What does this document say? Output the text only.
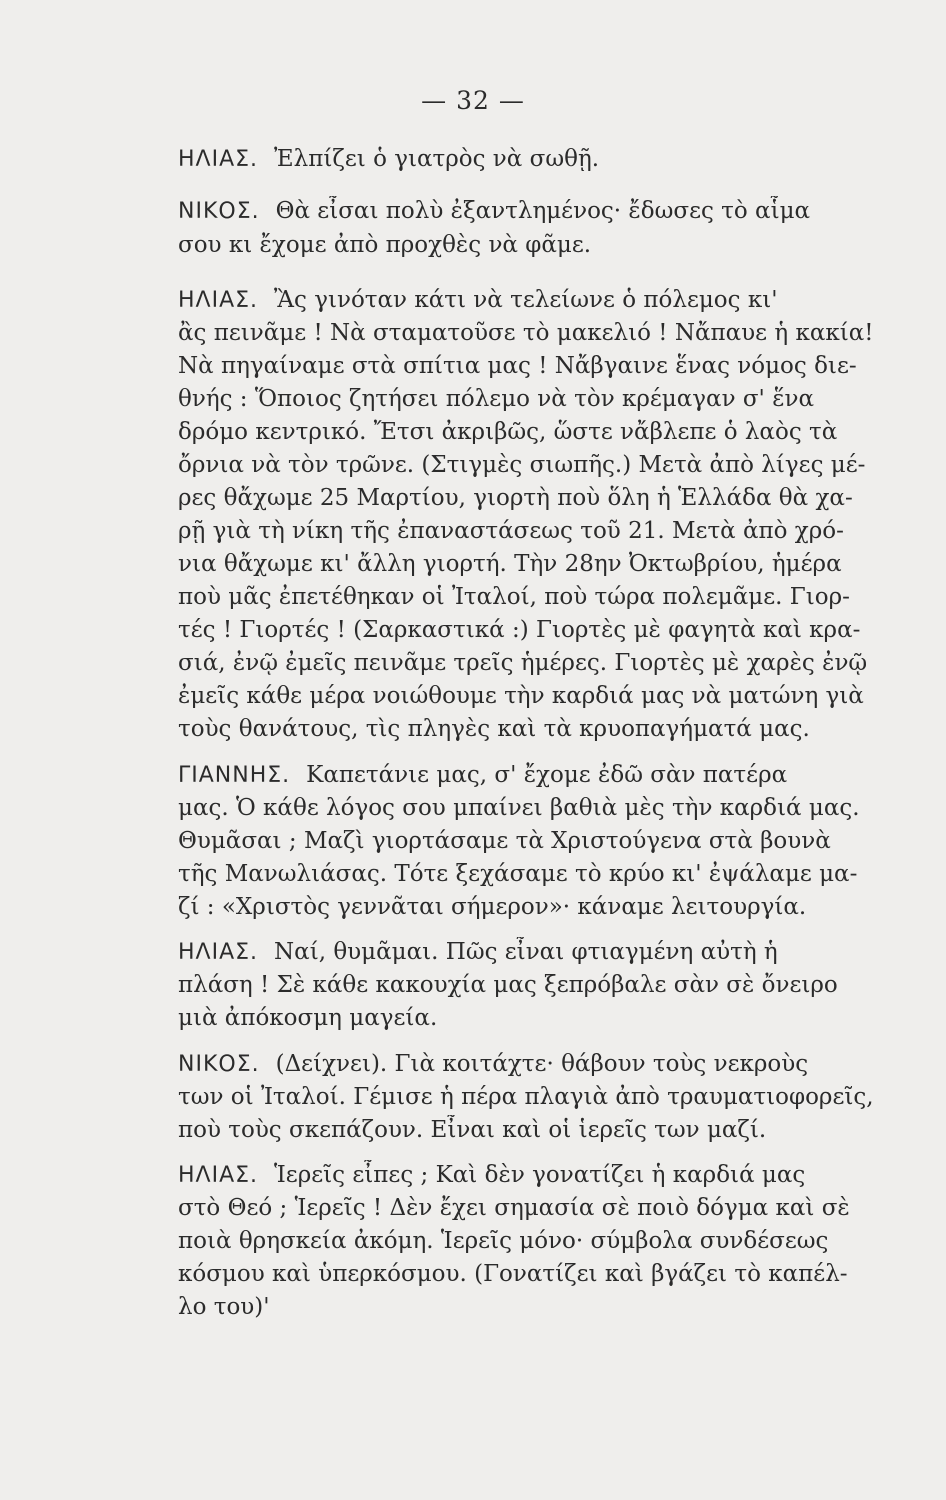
— 32 —
ΗΛΙΑΣ. Ἐλπίζει ὁ γιατρὸς νὰ σωθῇ.
ΝΙΚΟΣ. Θὰ εἶσαι πολὺ ἐξαντλημένος· ἔδωσες τὸ αἷμα
σου κι ἔχομε ἀπὸ προχθὲς νὰ φᾶμε.
ΗΛΙΑΣ. Ἂς γινόταν κάτι νὰ τελείωνε ὁ πόλεμος κι'
ἂς πεινᾶμε ! Νὰ σταματοῦσε τὸ μακελιό ! Νἄπαυε ἡ κακία!
Νὰ πηγαίναμε στὰ σπίτια μας ! Νἄβγαινε ἕνας νόμος διε-
θνής : Ὅποιος ζητήσει πόλεμο νὰ τὸν κρέμαγαν σ' ἕνα
δρόμο κεντρικό. Ἔτσι ἀκριβῶς, ὥστε νἄβλεπε ὁ λαὸς τὰ
ὄρνια νὰ τὸν τρῶνε. (Στιγμὲς σιωπῆς.) Μετὰ ἀπὸ λίγες μέ-
ρες θἄχωμε 25 Μαρτίου, γιορτὴ ποὺ ὅλη ἡ Ἑλλάδα θὰ χα-
ρῇ γιὰ τὴ νίκη τῆς ἐπαναστάσεως τοῦ 21. Μετὰ ἀπὸ χρό-
νια θἄχωμε κι' ἄλλη γιορτή. Τὴν 28ην Ὀκτωβρίου, ἡμέρα
ποὺ μᾶς ἐπετέθηκαν οἱ Ἰταλοί, ποὺ τώρα πολεμᾶμε. Γιορ-
τές ! Γιορτές ! (Σαρκαστικά :) Γιορτὲς μὲ φαγητὰ καὶ κρα-
σιά, ἐνῷ ἐμεῖς πεινᾶμε τρεῖς ἡμέρες. Γιορτὲς μὲ χαρὲς ἐνῷ
ἐμεῖς κάθε μέρα νοιώθουμε τὴν καρδιά μας νὰ ματώνη γιὰ
τοὺς θανάτους, τὶς πληγὲς καὶ τὰ κρυοπαγήματά μας.
ΓΙΑΝΝΗΣ. Καπετάνιε μας, σ' ἔχομε ἐδῶ σὰν πατέρα
μας. Ὁ κάθε λόγος σου μπαίνει βαθιὰ μὲς τὴν καρδιά μας.
Θυμᾶσαι ; Μαζὶ γιορτάσαμε τὰ Χριστούγενα στὰ βουνὰ
τῆς Μανωλιάσας. Τότε ξεχάσαμε τὸ κρύο κι' ἐψάλαμε μα-
ζί : «Χριστὸς γεννᾶται σήμερον»· κάναμε λειτουργία.
ΗΛΙΑΣ. Ναί, θυμᾶμαι. Πῶς εἶναι φτιαγμένη αὐτὴ ἡ
πλάση ! Σὲ κάθε κακουχία μας ξεπρόβαλε σὰν σὲ ὄνειρο
μιὰ ἀπόκοσμη μαγεία.
ΝΙΚΟΣ. (Δείχνει). Γιὰ κοιτάχτε· θάβουν τοὺς νεκροὺς
των οἱ Ἰταλοί. Γέμισε ἡ πέρα πλαγιὰ ἀπὸ τραυματιοφορεῖς,
ποὺ τοὺς σκεπάζουν. Εἶναι καὶ οἱ ἱερεῖς των μαζί.
ΗΛΙΑΣ. Ἱερεῖς εἶπες ; Καὶ δὲν γονατίζει ἡ καρδιά μας
στὸ Θεό ; Ἱερεῖς ! Δὲν ἔχει σημασία σὲ ποιὸ δόγμα καὶ σὲ
ποιὰ θρησκεία ἀκόμη. Ἱερεῖς μόνο· σύμβολα συνδέσεως
κόσμου καὶ ὑπερκόσμου. (Γονατίζει καὶ βγάζει τὸ καπέλ-
λο του)'
